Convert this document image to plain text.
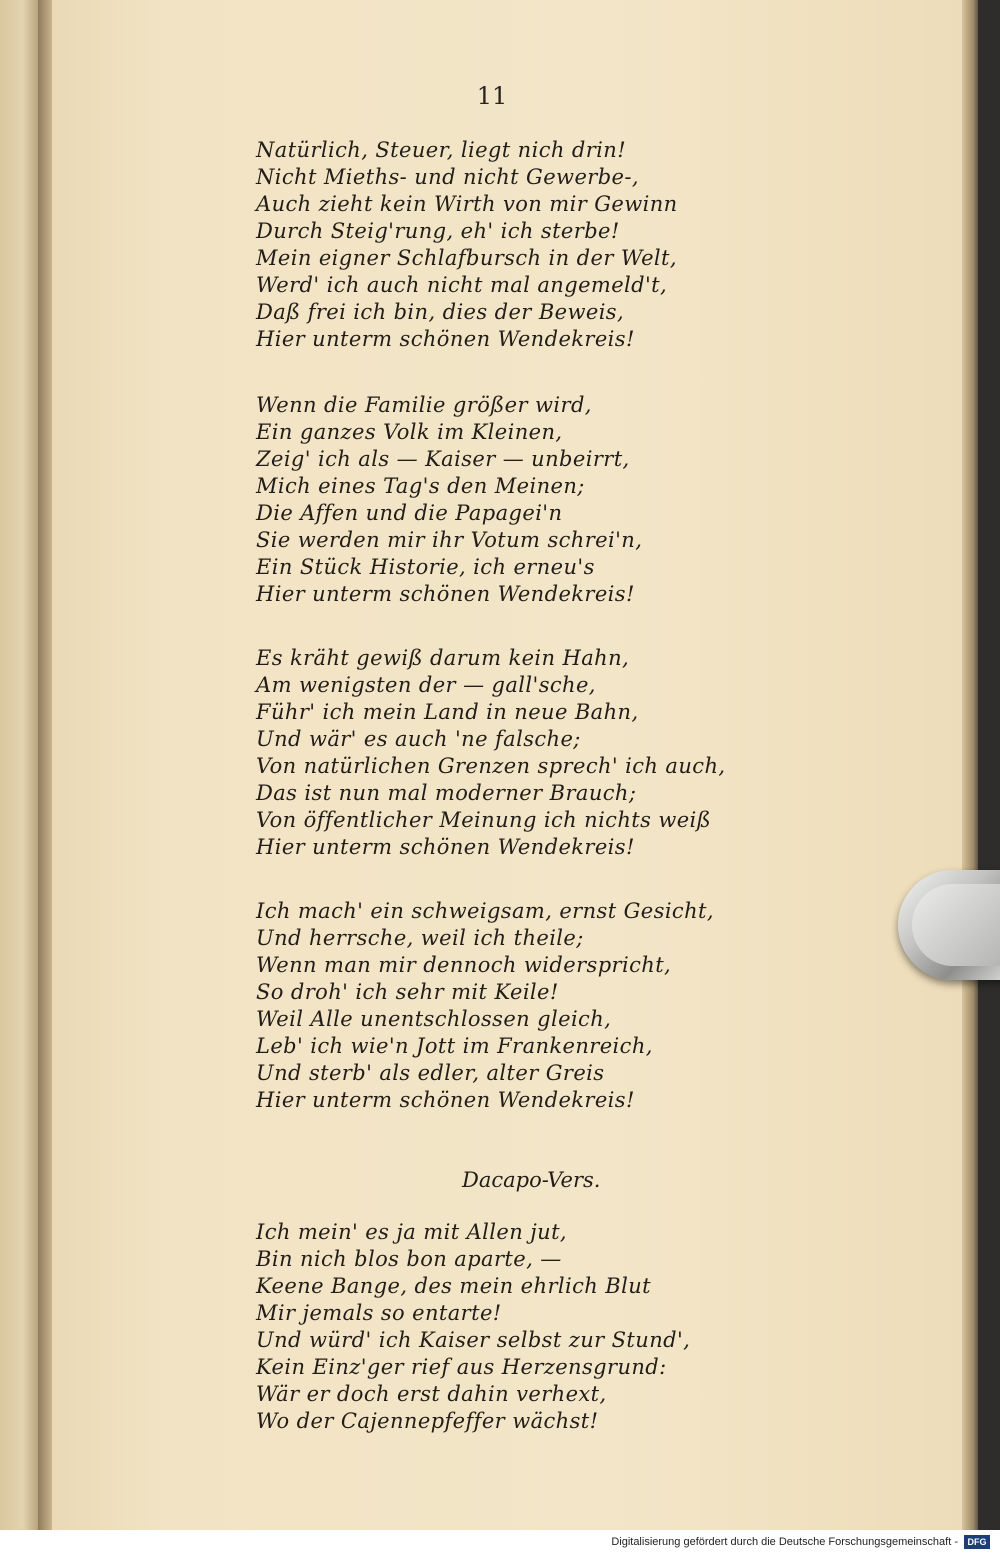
11
Natürlich, Steuer, liegt nich drin!
Nicht Mieths- und nicht Gewerbe-,
Auch zieht kein Wirth von mir Gewinn
Durch Steig'rung, eh' ich sterbe!
Mein eigner Schlafbursch in der Welt,
Werd' ich auch nicht mal angemeld't,
Daß frei ich bin, dies der Beweis,
Hier unterm schönen Wendekreis!
Wenn die Familie größer wird,
Ein ganzes Volk im Kleinen,
Zeig' ich als — Kaiser — unbeirrt,
Mich eines Tag's den Meinen;
Die Affen und die Papagei'n
Sie werden mir ihr Votum schrei'n,
Ein Stück Historie, ich erneu's
Hier unterm schönen Wendekreis!
Es kräht gewiß darum kein Hahn,
Am wenigsten der — gall'sche,
Führ' ich mein Land in neue Bahn,
Und wär' es auch 'ne falsche;
Von natürlichen Grenzen sprech' ich auch,
Das ist nun mal moderner Brauch;
Von öffentlicher Meinung ich nichts weiß
Hier unterm schönen Wendekreis!
Ich mach' ein schweigsam, ernst Gesicht,
Und herrsche, weil ich theile;
Wenn man mir dennoch widerspricht,
So droh' ich sehr mit Keile!
Weil Alle unentschlossen gleich,
Leb' ich wie'n Jott im Frankenreich,
Und sterb' als edler, alter Greis
Hier unterm schönen Wendekreis!
Dacapo-Vers.
Ich mein' es ja mit Allen jut,
Bin nich blos bon aparte, —
Keene Bange, des mein ehrlich Blut
Mir jemals so entarte!
Und würd' ich Kaiser selbst zur Stund',
Kein Einz'ger rief aus Herzensgrund:
Wär er doch erst dahin verhext,
Wo der Cajennepfeffer wächst!
Digitalisierung gefördert durch die Deutsche Forschungsgemeinschaft -	DFG
